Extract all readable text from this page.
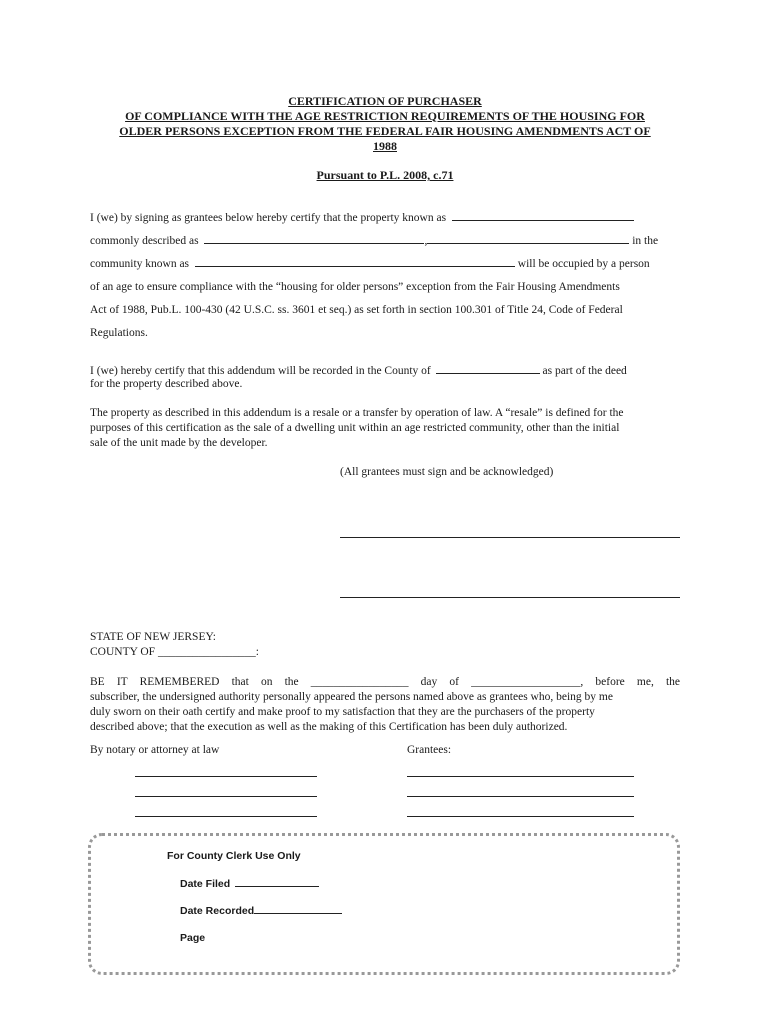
CERTIFICATION OF PURCHASER
OF COMPLIANCE WITH THE AGE RESTRICTION REQUIREMENTS OF THE HOUSING FOR
OLDER PERSONS EXCEPTION FROM THE FEDERAL FAIR HOUSING AMENDMENTS ACT OF
1988
Pursuant to P.L. 2008, c.71
I (we) by signing as grantees below hereby certify that the property known as
commonly described as	,	in the
community known as	will be occupied by a person
of an age to ensure compliance with the “housing for older persons” exception from the Fair Housing Amendments
Act of 1988, Pub.L. 100-430 (42 U.S.C. ss. 3601 et seq.) as set forth in section 100.301 of Title 24, Code of Federal
Regulations.
I (we) hereby certify that this addendum will be recorded in the County of	as part of the deed
for the property described above.
The property as described in this addendum is a resale or a transfer by operation of law. A “resale” is defined for the
purposes of this certification as the sale of a dwelling unit within an age restricted community, other than the initial
sale of the unit made by the developer.
(All grantees must sign and be acknowledged)
STATE OF NEW JERSEY:
COUNTY OF _________________:
BE IT REMEMBERED that on the _________________ day of ___________________, before me, the
subscriber, the undersigned authority personally appeared the persons named above as grantees who, being by me
duly sworn on their oath certify and make proof to my satisfaction that they are the purchasers of the property
described above; that the execution as well as the making of this Certification has been duly authorized.
By notary or attorney at law	Grantees:
For County Clerk Use Only
Date Filed
Date Recorded
Page
